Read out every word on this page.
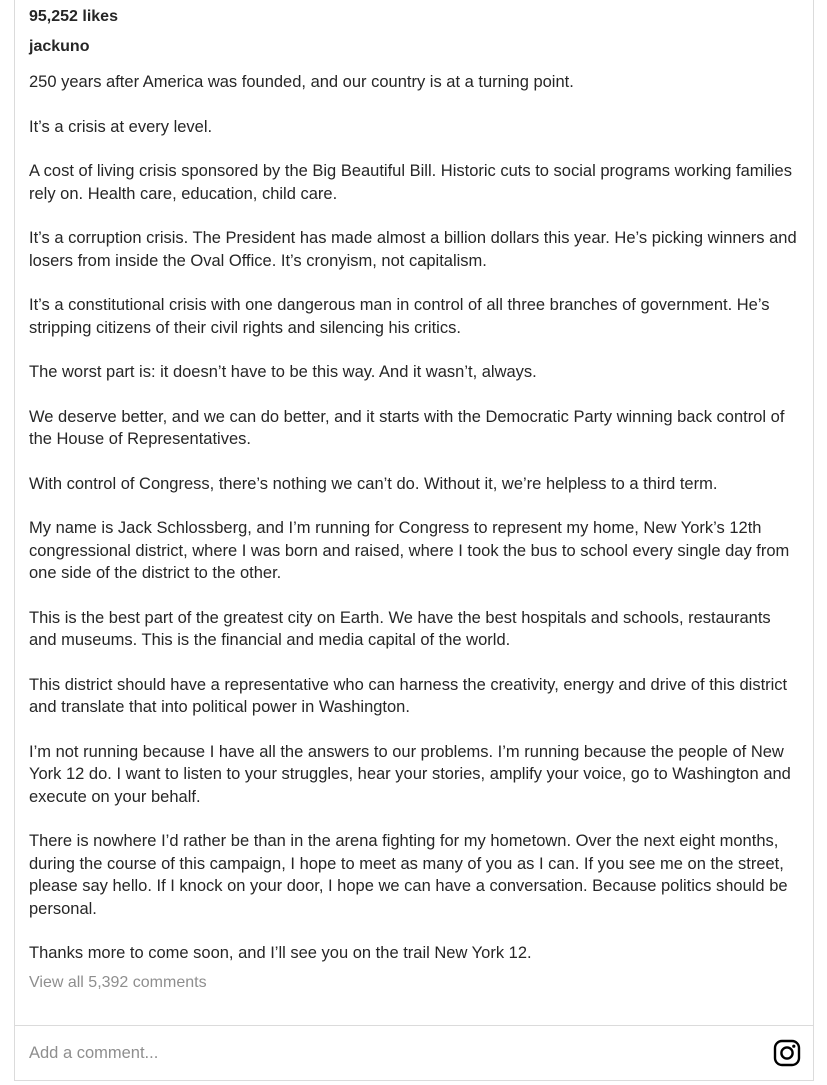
95,252 likes
jackuno

250 years after America was founded, and our country is at a turning point.

It’s a crisis at every level.

A cost of living crisis sponsored by the Big Beautiful Bill. Historic cuts to social programs working families rely on. Health care, education, child care.

It’s a corruption crisis. The President has made almost a billion dollars this year. He’s picking winners and losers from inside the Oval Office. It’s cronyism, not capitalism.

It’s a constitutional crisis with one dangerous man in control of all three branches of government. He’s stripping citizens of their civil rights and silencing his critics.

The worst part is: it doesn’t have to be this way. And it wasn’t, always.

We deserve better, and we can do better, and it starts with the Democratic Party winning back control of the House of Representatives.

With control of Congress, there’s nothing we can’t do. Without it, we’re helpless to a third term.

My name is Jack Schlossberg, and I’m running for Congress to represent my home, New York’s 12th congressional district, where I was born and raised, where I took the bus to school every single day from one side of the district to the other.

This is the best part of the greatest city on Earth. We have the best hospitals and schools, restaurants and museums. This is the financial and media capital of the world.

This district should have a representative who can harness the creativity, energy and drive of this district and translate that into political power in Washington.

I’m not running because I have all the answers to our problems. I’m running because the people of New York 12 do. I want to listen to your struggles, hear your stories, amplify your voice, go to Washington and execute on your behalf.

There is nowhere I’d rather be than in the arena fighting for my hometown. Over the next eight months, during the course of this campaign, I hope to meet as many of you as I can. If you see me on the street, please say hello. If I knock on your door, I hope we can have a conversation. Because politics should be personal.

Thanks more to come soon, and I’ll see you on the trail New York 12.

View all 5,392 comments
Add a comment...
